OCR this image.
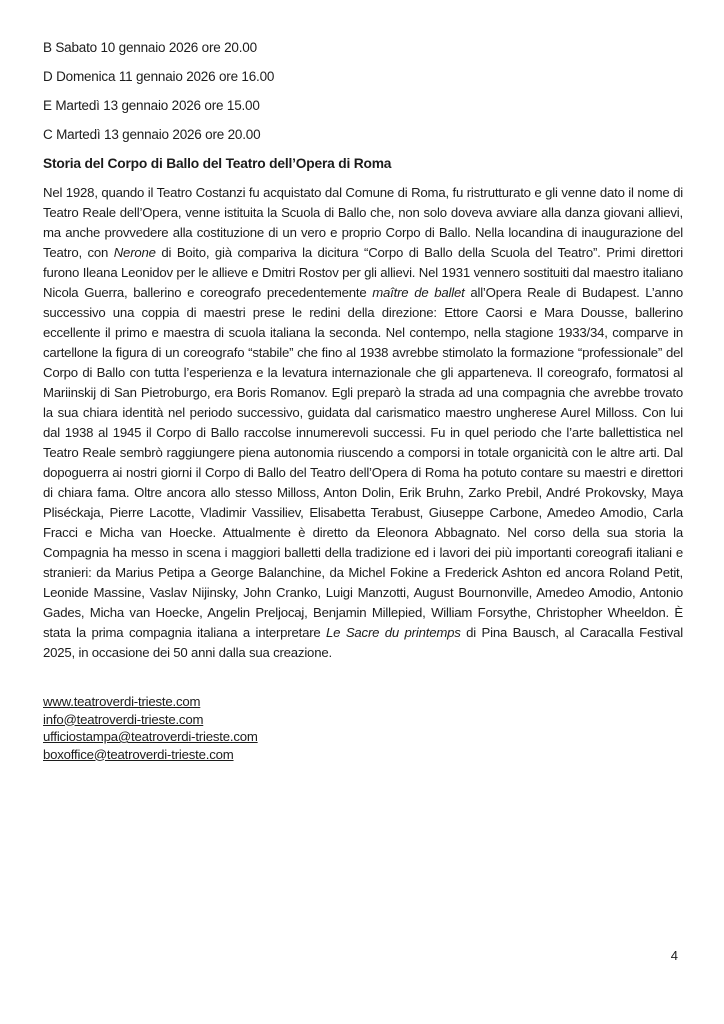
B Sabato 10 gennaio 2026 ore 20.00

D Domenica 11 gennaio 2026 ore 16.00

E Martedì 13 gennaio 2026 ore 15.00

C Martedì 13 gennaio 2026 ore 20.00

Storia del Corpo di Ballo del Teatro dell’Opera di Roma

Nel 1928, quando il Teatro Costanzi fu acquistato dal Comune di Roma, fu ristrutturato e gli venne dato il nome di Teatro Reale dell’Opera, venne istituita la Scuola di Ballo che, non solo doveva avviare alla danza giovani allievi, ma anche provvedere alla costituzione di un vero e proprio Corpo di Ballo. Nella locandina di inaugurazione del Teatro, con Nerone di Boito, già compariva la dicitura “Corpo di Ballo della Scuola del Teatro”. Primi direttori furono Ileana Leonidov per le allieve e Dmitri Rostov per gli allievi. Nel 1931 vennero sostituiti dal maestro italiano Nicola Guerra, ballerino e coreografo precedentemente maître de ballet all’Opera Reale di Budapest. L’anno successivo una coppia di maestri prese le redini della direzione: Ettore Caorsi e Mara Dousse, ballerino eccellente il primo e maestra di scuola italiana la seconda. Nel contempo, nella stagione 1933/34, comparve in cartellone la figura di un coreografo “stabile” che fino al 1938 avrebbe stimolato la formazione “professionale” del Corpo di Ballo con tutta l’esperienza e la levatura internazionale che gli apparteneva. Il coreografo, formatosi al Mariinskij di San Pietroburgo, era Boris Romanov. Egli preparò la strada ad una compagnia che avrebbe trovato la sua chiara identità nel periodo successivo, guidata dal carismatico maestro ungherese Aurel Milloss. Con lui dal 1938 al 1945 il Corpo di Ballo raccolse innumerevoli successi. Fu in quel periodo che l’arte ballettistica nel Teatro Reale sembrò raggiungere piena autonomia riuscendo a comporsi in totale organicità con le altre arti. Dal dopoguerra ai nostri giorni il Corpo di Ballo del Teatro dell’Opera di Roma ha potuto contare su maestri e direttori di chiara fama. Oltre ancora allo stesso Milloss, Anton Dolin, Erik Bruhn, Zarko Prebil, André Prokovsky, Maya Pliséckaja, Pierre Lacotte, Vladimir Vassiliev, Elisabetta Terabust, Giuseppe Carbone, Amedeo Amodio, Carla Fracci e Micha van Hoecke. Attualmente è diretto da Eleonora Abbagnato. Nel corso della sua storia la Compagnia ha messo in scena i maggiori balletti della tradizione ed i lavori dei più importanti coreografi italiani e stranieri: da Marius Petipa a George Balanchine, da Michel Fokine a Frederick Ashton ed ancora Roland Petit, Leonide Massine, Vaslav Nijinsky, John Cranko, Luigi Manzotti, August Bournonville, Amedeo Amodio, Antonio Gades, Micha van Hoecke, Angelin Preljocaj, Benjamin Millepied, William Forsythe, Christopher Wheeldon. È stata la prima compagnia italiana a interpretare Le Sacre du printemps di Pina Bausch, al Caracalla Festival 2025, in occasione dei 50 anni dalla sua creazione.

www.teatroverdi-trieste.com
info@teatroverdi-trieste.com
ufficiostampa@teatroverdi-trieste.com
boxoffice@teatroverdi-trieste.com
4
